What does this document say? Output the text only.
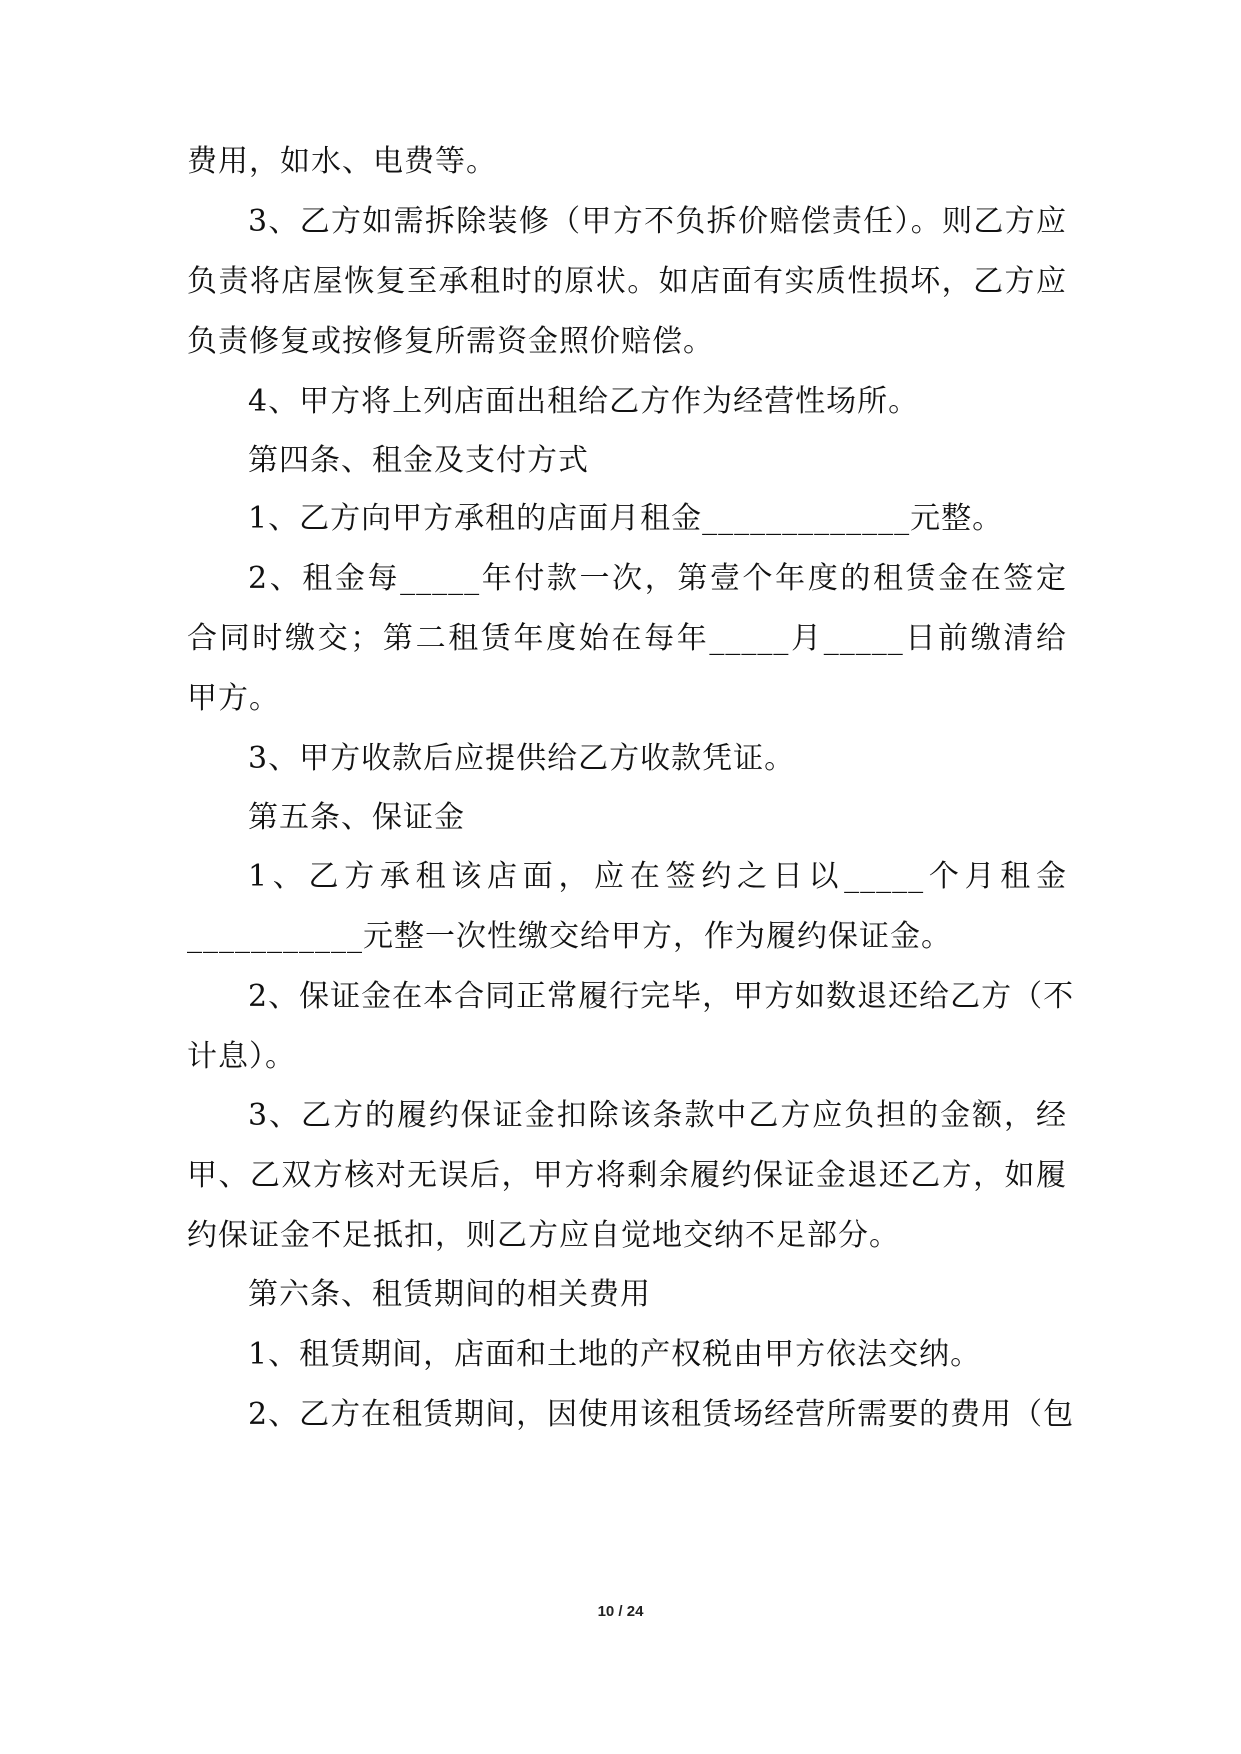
费用，如水、电费等。
3、乙方如需拆除装修（甲方不负拆价赔偿责任）。则乙方应
负责将店屋恢复至承租时的原状。如店面有实质性损坏，乙方应
负责修复或按修复所需资金照价赔偿。
4、甲方将上列店面出租给乙方作为经营性场所。
第四条、租金及支付方式
1、乙方向甲方承租的店面月租金_____________元整。
2、租金每_____年付款一次，第壹个年度的租赁金在签定
合同时缴交；第二租赁年度始在每年_____月_____日前缴清给
甲方。
3、甲方收款后应提供给乙方收款凭证。
第五条、保证金
1、乙方承租该店面，应在签约之日以_____个月租金
___________元整一次性缴交给甲方，作为履约保证金。
2、保证金在本合同正常履行完毕，甲方如数退还给乙方（不
计息）。
3、乙方的履约保证金扣除该条款中乙方应负担的金额，经
甲、乙双方核对无误后，甲方将剩余履约保证金退还乙方，如履
约保证金不足抵扣，则乙方应自觉地交纳不足部分。
第六条、租赁期间的相关费用
1、租赁期间，店面和土地的产权税由甲方依法交纳。
2、乙方在租赁期间，因使用该租赁场经营所需要的费用（包
10 / 24
